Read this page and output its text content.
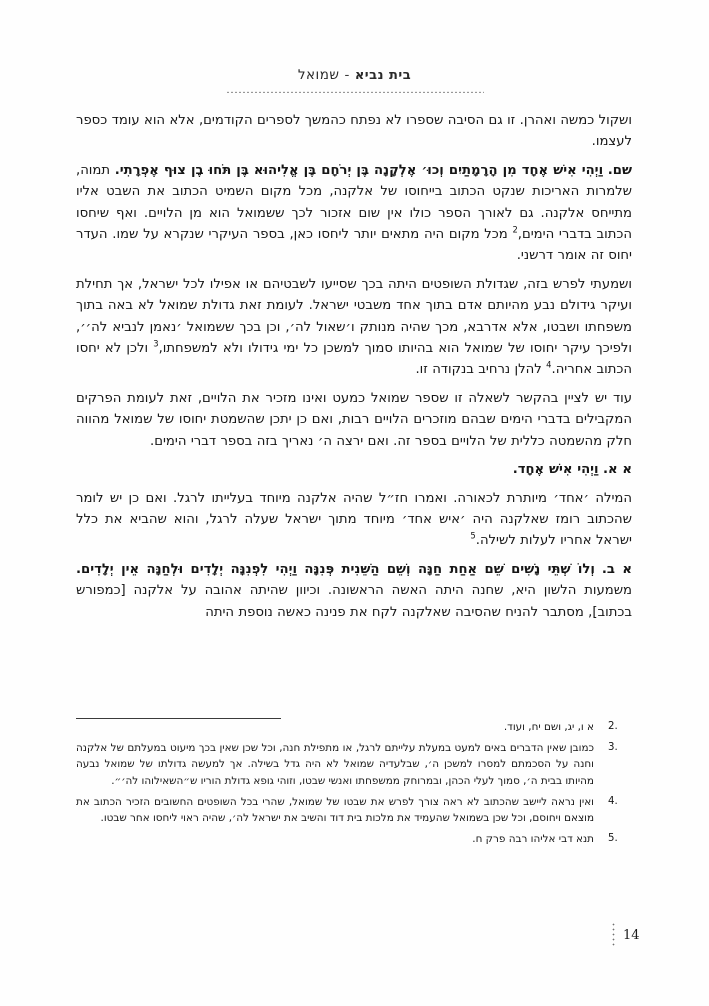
בית נביא-שמואל

ושקול כמשה ואהרן. זו גם הסיבה שספרו לא נפתח כהמשך לספרים הקודמים, אלא הוא עומד כספר לעצמו.

שם. וַיְהִי אִישׁ אֶחָד מִן הָרָמָתַיִם וְכוּ׳ אֶלְקָנָה בֶּן יְרֹחָם בֶּן אֱלִיהוּא בֶּן תֹּחוּ בֶן צוּף אֶפְרָתִי. תמוה, שלמרות האריכות שנקט הכתוב בייחוסו של אלקנה, מכל מקום השמיט הכתוב את השבט אליו מתייחס אלקנה. גם לאורך הספר כולו אין שום אזכור לכך ששמואל הוא מן הלויים. ואף שיחסו הכתוב בדברי הימים,$^2$ מכל מקום היה מתאים יותר ליחסו כאן, בספר העיקרי שנקרא על שמו. העדר יחוס זה אומר דרשני.

ושמעתי לפרש בזה, שגדולת השופטים היתה בכך שסייעו לשבטיהם או אפילו לכל ישראל, אך תחילת ועיקר גידולם נבע מהיותם אדם בתוך אחד משבטי ישראל. לעומת זאת גדולת שמואל לא באה בתוך משפחתו ושבטו, אלא אדרבא, מכך שהיה מנותק ו׳שאול לה׳, וכן בכך ששמואל ׳נאמן לנביא לה׳׳, ולפיכך עיקר יחוסו של שמואל הוא בהיותו סמוך למשכן כל ימי גידולו ולא למשפחתו,$^3$ ולכן לא יחסו הכתוב אחריה.$^4$ להלן נרחיב בנקודה זו.

עוד יש לציין בהקשר לשאלה זו שספר שמואל כמעט ואינו מזכיר את הלויים, זאת לעומת הפרקים המקבילים בדברי הימים שבהם מוזכרים הלויים רבות, ואם כן יתכן שהשמטת יחוסו של שמואל מהווה חלק מהשמטה כללית של הלויים בספר זה. ואם ירצה ה׳ נאריך בזה בספר דברי הימים.

א א. וַיְהִי אִישׁ אֶחָד.

המילה ׳אחד׳ מיותרת לכאורה. ואמרו חז״ל שהיה אלקנה מיוחד בעלייתו לרגל. ואם כן יש לומר שהכתוב רומז שאלקנה היה ׳איש אחד׳ מיוחד מתוך ישראל שעלה לרגל, והוא שהביא את כלל ישראל אחריו לעלות לשילה.$^5$

א ב. וְלוֹ שְׁתֵּי נָשִׁים שֵׁם אַחַת חַנָּה וְשֵׁם הַשֵּׁנִית פְּנִנָּה וַיְהִי לִפְנִנָּה יְלָדִים וּלְחַנָּה אֵין יְלָדִים. משמעות הלשון היא, שחנה היתה האשה הראשונה. וכיוון שהיתה אהובה על אלקנה [כמפורש בכתוב], מסתבר להניח שהסיבה שאלקנה לקח את פנינה כאשה נוספת היתה

2.
א ו, יג, ושם יח, ועוד.
3.
כמובן שאין הדברים באים למעט במעלת עלייתם לרגל, או מתפילת חנה, וכל שכן שאין בכך מיעוט במעלתם של אלקנה וחנה על הסכמתם למסרו למשכן ה׳, שבלעדיה שמואל לא היה גדל בשילה. אך למעשה גדולתו של שמואל נבעה מהיותו בבית ה׳, סמוך לעלי הכהן, ובמרוחק ממשפחתו ואנשי שבטו, וזוהי גופא גדולת הוריו ש״השאילוהו לה׳״.
4.
ואין נראה ליישב שהכתוב לא ראה צורך לפרש את שבטו של שמואל, שהרי בכל השופטים החשובים הזכיר הכתוב את מוצאם ויחוסם, וכל שכן בשמואל שהעמיד את מלכות בית דוד והשיב את ישראל לה׳, שהיה ראוי ליחסו אחר שבטו.
5.
תנא דבי אליהו רבה פרק ח.
14
